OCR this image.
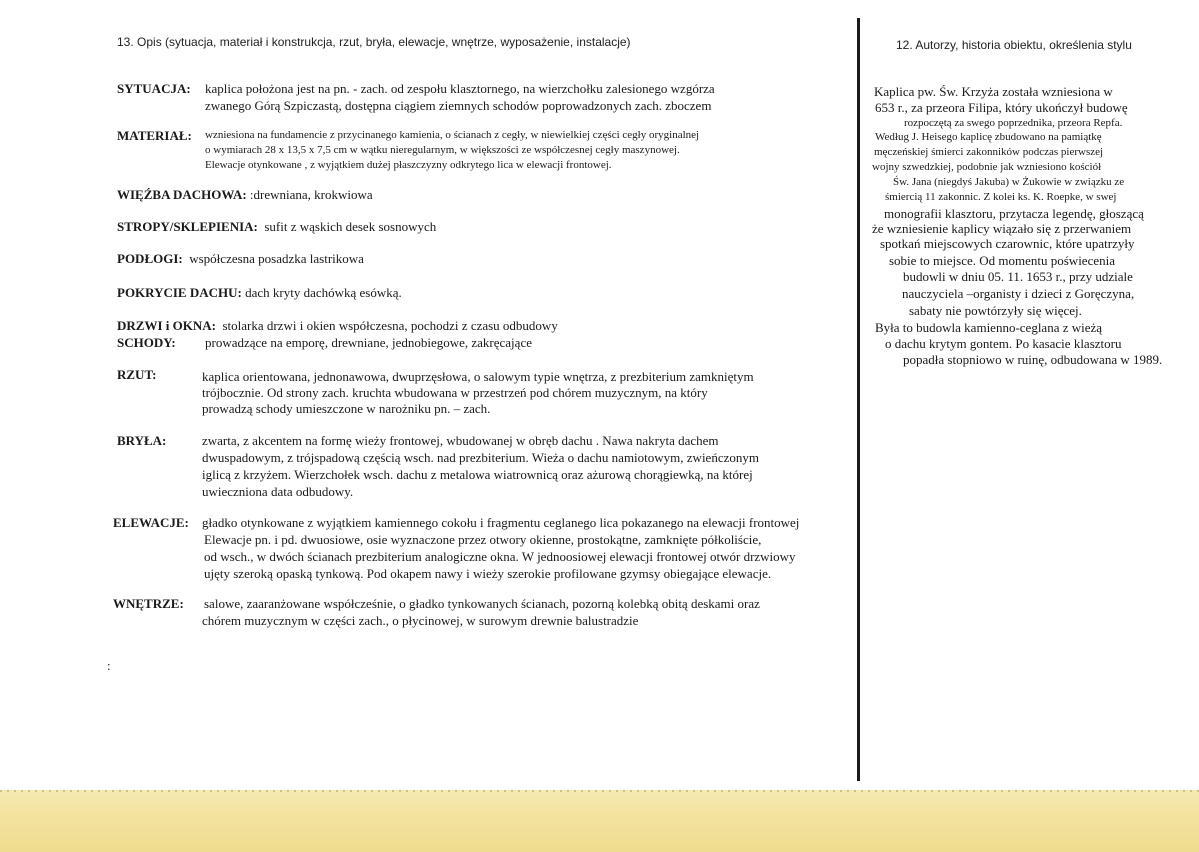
13. Opis (sytuacja, materiał i konstrukcja, rzut, bryła, elewacje, wnętrze, wyposażenie, instalacje)	12. Autorzy, historia obiektu, określenia stylu
SYTUACJA: kaplica położona jest na pn. - zach. od zespołu klasztornego, na wierzchołku zalesionego wzgórza
zwanego Górą Szpiczastą, dostępna ciągiem ziemnych schodów poprowadzonych zach. zboczem
MATERIAŁ: wzniesiona na fundamencie z przycinanego kamienia, o ścianach z cegły, w niewielkiej części cegły oryginalnej
o wymiarach 28 x 13,5 x 7,5 cm w wątku nieregularnym, w większości ze współczesnej cegły maszynowej.
Elewacje otynkowane , z wyjątkiem dużej płaszczyzny odkrytego lica w elewacji frontowej.
WIĘŹBA DACHOWA: :drewniana, krokwiowa
STROPY/SKLEPIENIA: sufit z wąskich desek sosnowych
PODŁOGI: współczesna posadzka lastrikowa
POKRYCIE DACHU: dach kryty dachówką esówką.
DRZWI i OKNA: stolarka drzwi i okien współczesna, pochodzi z czasu odbudowy
SCHODY: prowadzące na emporę, drewniane, jednobiegowe, zakręcające
RZUT:	kaplica orientowana, jednonawowa, dwuprzęsłowa, o salowym typie wnętrza, z prezbiterium zamkniętym
trójbocznie. Od strony zach. kruchta wbudowana w przestrzeń pod chórem muzycznym, na który
prowadzą schody umieszczone w narożniku pn. – zach.
BRYŁA:	zwarta, z akcentem na formę wieży frontowej, wbudowanej w obręb dachu . Nawa nakryta dachem
dwuspadowym, z trójspadową częścią wsch. nad prezbiterium. Wieża o dachu namiotowym, zwieńczonym
iglicą z krzyżem. Wierzchołek wsch. dachu z metalowa wiatrownicą oraz ażurową chorągiewką, na której
uwieczniona data odbudowy.
ELEWACJE: gładko otynkowane z wyjątkiem kamiennego cokołu i fragmentu ceglanego lica pokazanego na elewacji frontowej
Elewacje pn. i pd. dwuosiowe, osie wyznaczone przez otwory okienne, prostokątne, zamknięte półkoliście,
od wsch., w dwóch ścianach prezbiterium analogiczne okna. W jednoosiowej elewacji frontowej otwór drzwiowy
ujęty szeroką opaską tynkową. Pod okapem nawy i wieży szerokie profilowane gzymsy obiegające elewacje.
WNĘTRZE: salowe, zaaranżowane współcześnie, o gładko tynkowanych ścianach, pozorną kolebką obitą deskami oraz
chórem muzycznym w części zach., o płycinowej, w surowym drewnie balustradzie
:
Kaplica pw. Św. Krzyża została wzniesiona w
653 r., za przeora Filipa, który ukończył budowę
rozpoczętą za swego poprzednika, przeora Repfa.
Według J. Heisego kaplicę zbudowano na pamiątkę
męczeńskiej śmierci zakonników podczas pierwszej
wojny szwedzkiej, podobnie jak wzniesiono kościół
Św. Jana (niegdyś Jakuba) w Żukowie w związku ze
śmiercią 11 zakonnic. Z kolei ks. K. Roepke, w swej
monografii klasztoru, przytacza legendę, głoszącą
że wzniesienie kaplicy wiązało się z przerwaniem
spotkań miejscowych czarownic, które upatrzyły
sobie to miejsce. Od momentu poświecenia
budowli w dniu 05. 11. 1653 r., przy udziale
nauczyciela –organisty i dzieci z Goręczyna,
sabaty nie powtórzyły się więcej.
Była to budowla kamienno-ceglana z wieżą
o dachu krytym gontem. Po kasacie klasztoru
popadła stopniowo w ruinę, odbudowana w 1989.
